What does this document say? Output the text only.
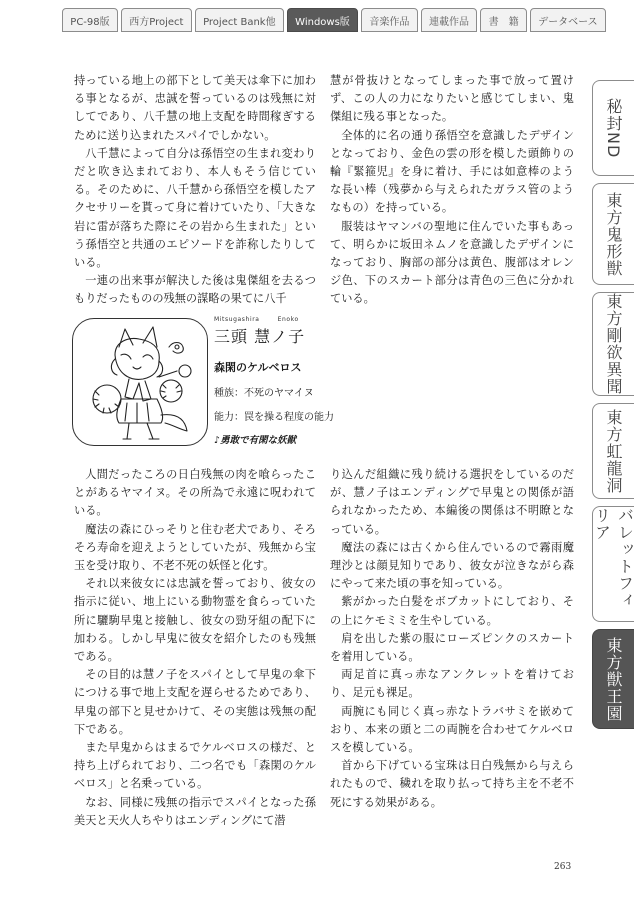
PC-98版	西方Project	Project Bank他	Windows版	音楽作品	連載作品	書　籍	データベース
秘封ND
東方鬼形獣
東方剛欲異聞
東方虹龍洞
バレットフィリア
東方獣王園

持っている地上の部下として美天は傘下に加わる事となるが、忠誠を誓っているのは残無に対してであり、八千慧の地上支配を時間稼ぎするために送り込まれたスパイでしかない。

八千慧によって自分は孫悟空の生まれ変わりだと吹き込まれており、本人もそう信じている。そのために、八千慧から孫悟空を模したアクセサリーを貰って身に着けていたり、「大きな岩に雷が落ちた際にその岩から生まれた」という孫悟空と共通のエピソードを詐称したりしている。

一連の出来事が解決した後は鬼傑組を去るつもりだったものの残無の謀略の果てに八千

慧が骨抜けとなってしまった事で放って置けず、この人の力になりたいと感じてしまい、鬼傑組に残る事となった。

全体的に名の通り孫悟空を意識したデザインとなっており、金色の雲の形を模した頭飾りの輪『緊箍児』を身に着け、手には如意棒のような長い棒（残夢から与えられたガラス管のようなもの）を持っている。

服装はヤマンバの聖地に住んでいた事もあって、明らかに坂田ネムノを意識したデザインになっており、胸部の部分は黄色、腹部はオレンジ色、下のスカート部分は青色の三色に分かれている。

Mitsugashira	Enoko
三頭 慧ノ子
森閑のケルベロス
種族：不死のヤマイヌ
能力：罠を操る程度の能力
♪勇敢で有閑な妖獣

人間だったころの日白残無の肉を喰らったことがあるヤマイヌ。その所為で永遠に呪われている。

魔法の森にひっそりと住む老犬であり、そろそろ寿命を迎えようとしていたが、残無から宝玉を受け取り、不老不死の妖怪と化す。

それ以来彼女には忠誠を誓っており、彼女の指示に従い、地上にいる動物霊を食らっていた所に驪駒早鬼と接触し、彼女の勁牙組の配下に加わる。しかし早鬼に彼女を紹介したのも残無である。

その目的は慧ノ子をスパイとして早鬼の傘下につける事で地上支配を遅らせるためであり、早鬼の部下と見せかけて、その実態は残無の配下である。

また早鬼からはまるでケルベロスの様だ、と持ち上げられており、二つ名でも「森閑のケルベロス」と名乗っている。

なお、同様に残無の指示でスパイとなった孫美天と天火人ちやりはエンディングにて潜

り込んだ組織に残り続ける選択をしているのだが、慧ノ子はエンディングで早鬼との関係が語られなかったため、本編後の関係は不明瞭となっている。

魔法の森には古くから住んでいるので霧雨魔理沙とは顔見知りであり、彼女が泣きながら森にやって来た頃の事を知っている。

紫がかった白髪をボブカットにしており、その上にケモミミを生やしている。

肩を出した紫の服にローズピンクのスカートを着用している。

両足首に真っ赤なアンクレットを着けており、足元も裸足。

両腕にも同じく真っ赤なトラバサミを嵌めており、本来の頭と二の両腕を合わせてケルベロスを模している。

首から下げている宝珠は日白残無から与えられたもので、穢れを取り払って持ち主を不老不死にする効果がある。

263
